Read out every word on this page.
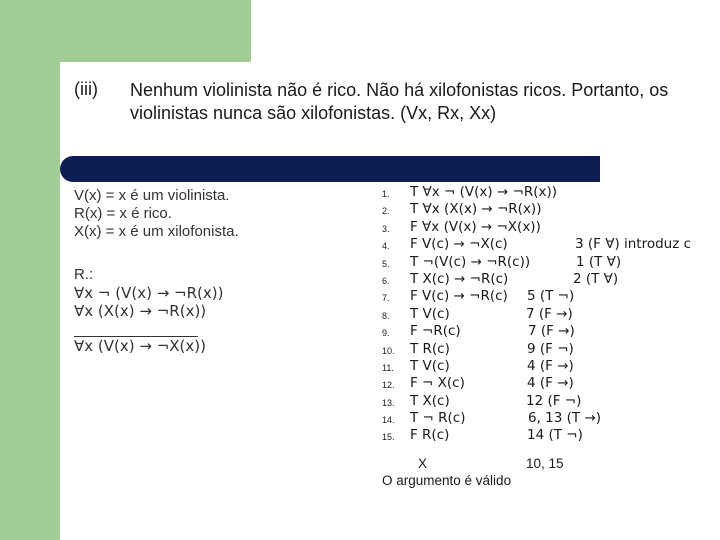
(iii) Nenhum violinista não é rico. Não há xilofonistas ricos. Portanto, os violinistas nunca são xilofonistas. (Vx, Rx, Xx)
V(x) = x é um violinista.
R(x) = x é rico.
X(x) = x é um xilofonista.
R.:
∀x ¬ (V(x) → ¬R(x))
∀x (X(x) → ¬R(x))
∀x (V(x) → ¬X(x))
1.	T ∀x ¬ (V(x) → ¬R(x))
2.	T ∀x (X(x) → ¬R(x))
3.	F ∀x (V(x) → ¬X(x))
4.	F V(c) → ¬X(c)	3 (F ∀) introduz c
5.	T ¬(V(c) → ¬R(c))	1 (T ∀)
6.	T X(c) → ¬R(c)	2 (T ∀)
7.	F V(c) → ¬R(c) 5 (T ¬)
8.	T V(c)	7 (F →)
9.	F ¬R(c)	7 (F →)
10.	T R(c)	9 (F ¬)
11.	T V(c)	4 (F →)
12.	F ¬ X(c)	4 (F →)
13.	T X(c)	12 (F ¬)
14.	T ¬ R(c)	6, 13 (T →)
15.	F R(c)	14 (T ¬)
X	10, 15
O argumento é válido
